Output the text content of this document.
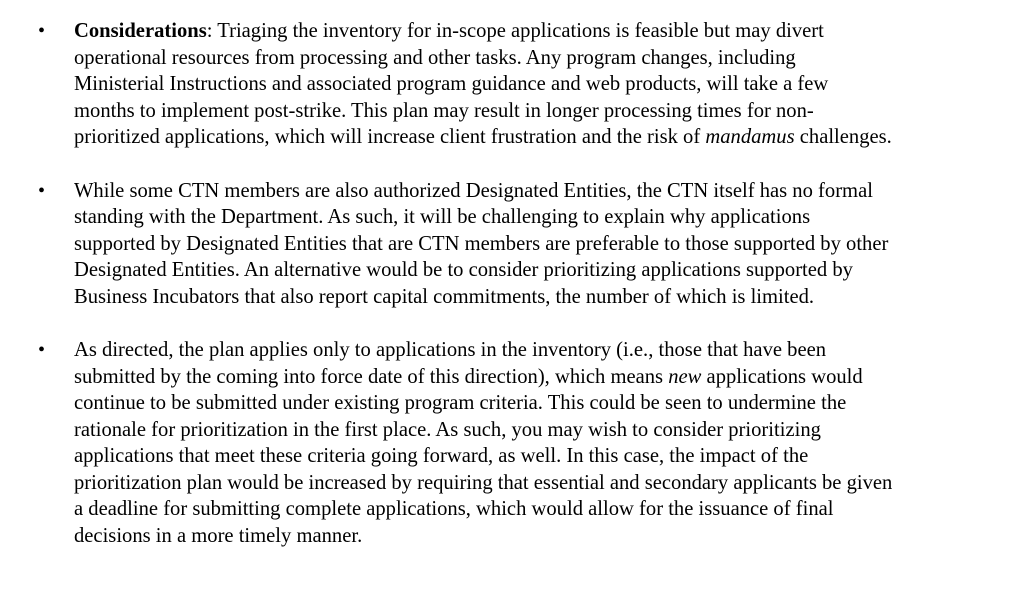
• Considerations: Triaging the inventory for in-scope applications is feasible but may divert
operational resources from processing and other tasks. Any program changes, including
Ministerial Instructions and associated program guidance and web products, will take a few
months to implement post-strike. This plan may result in longer processing times for non-
prioritized applications, which will increase client frustration and the risk of mandamus challenges.
• While some CTN members are also authorized Designated Entities, the CTN itself has no formal
standing with the Department. As such, it will be challenging to explain why applications
supported by Designated Entities that are CTN members are preferable to those supported by other
Designated Entities. An alternative would be to consider prioritizing applications supported by
Business Incubators that also report capital commitments, the number of which is limited.
• As directed, the plan applies only to applications in the inventory (i.e., those that have been
submitted by the coming into force date of this direction), which means new applications would
continue to be submitted under existing program criteria. This could be seen to undermine the
rationale for prioritization in the first place. As such, you may wish to consider prioritizing
applications that meet these criteria going forward, as well. In this case, the impact of the
prioritization plan would be increased by requiring that essential and secondary applicants be given
a deadline for submitting complete applications, which would allow for the issuance of final
decisions in a more timely manner.
